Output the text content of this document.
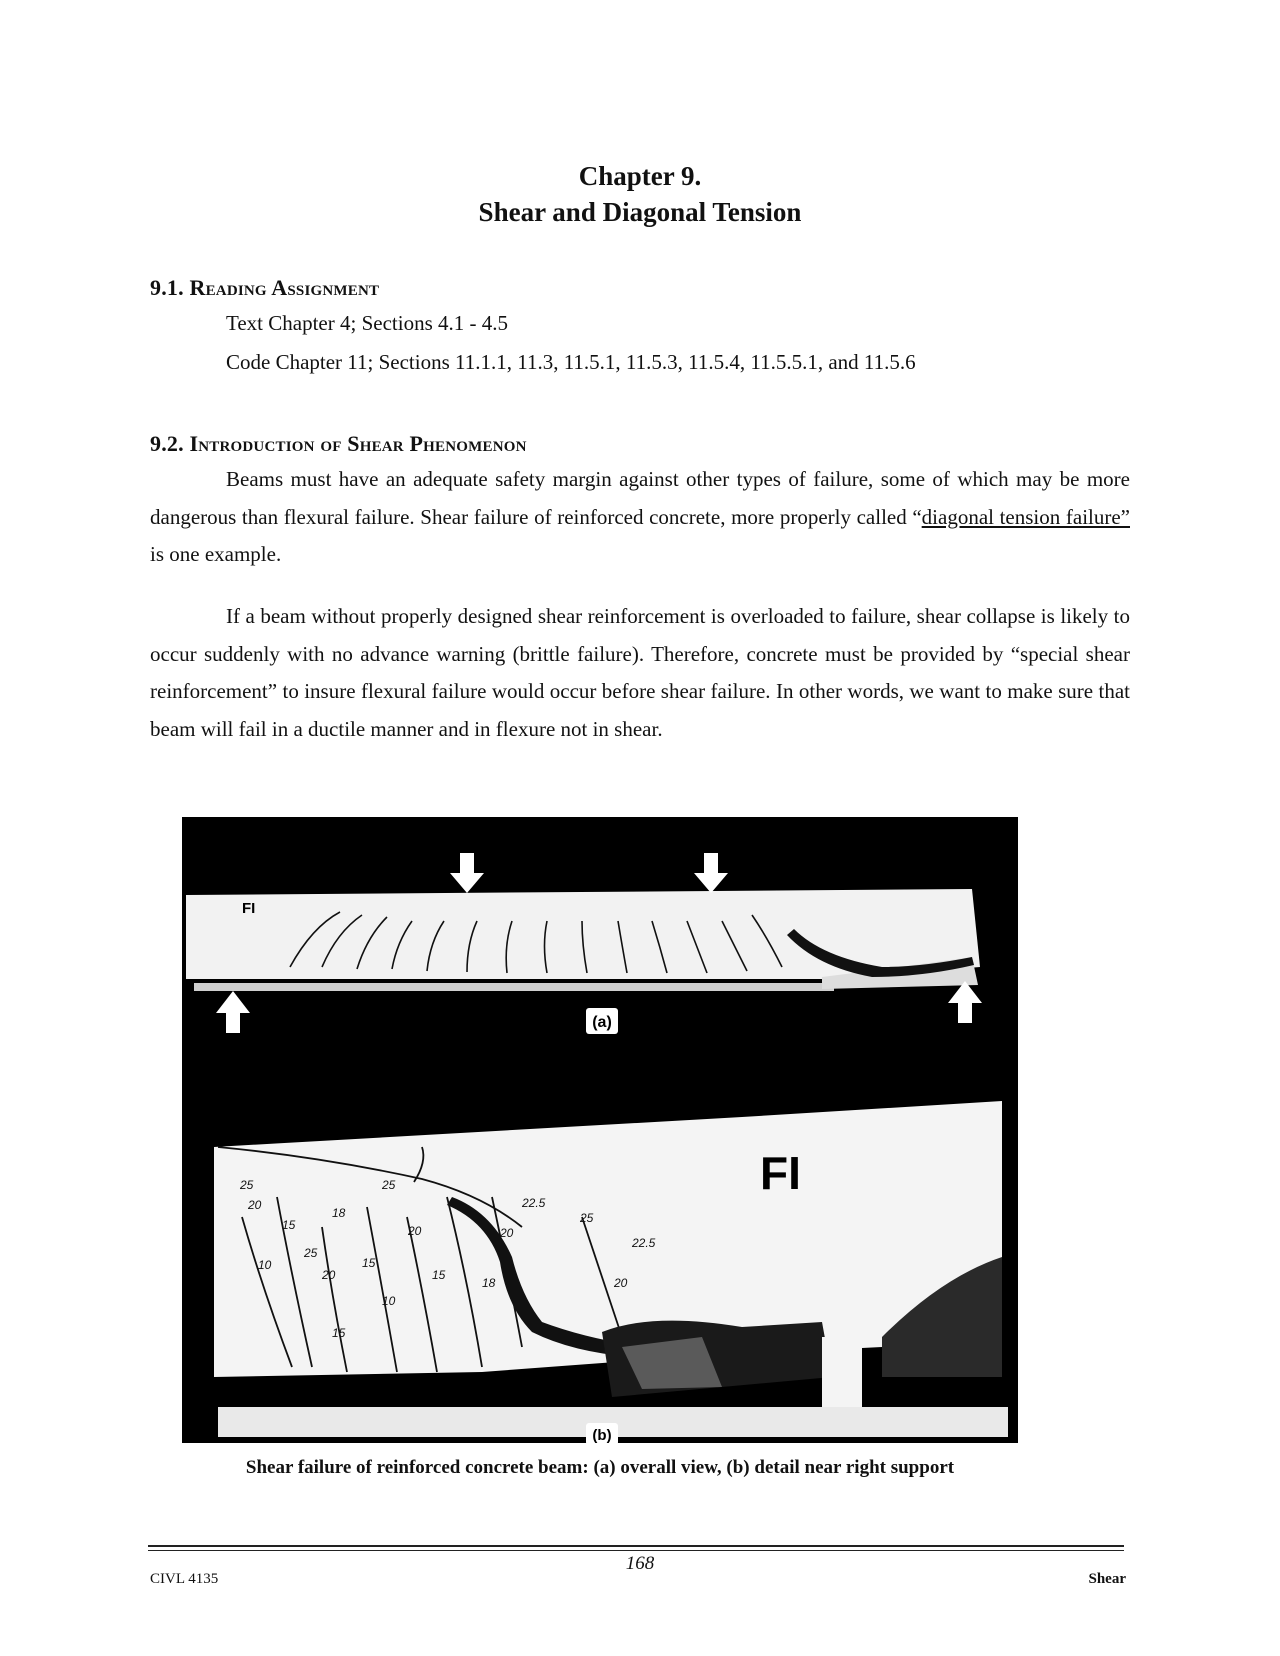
Chapter 9.
Shear and Diagonal Tension
9.1. Reading Assignment
Text Chapter 4; Sections 4.1 - 4.5
Code Chapter 11; Sections 11.1.1, 11.3, 11.5.1, 11.5.3, 11.5.4, 11.5.5.1, and 11.5.6
9.2. Introduction of Shear Phenomenon

Beams must have an adequate safety margin against other types of failure, some of which may be more dangerous than flexural failure. Shear failure of reinforced concrete, more properly called “diagonal tension failure” is one example.

If a beam without properly designed shear reinforcement is overloaded to failure, shear collapse is likely to occur suddenly with no advance warning (brittle failure). Therefore, concrete must be provided by “special shear reinforcement” to insure flexural failure would occur before shear failure. In other words, we want to make sure that beam will fail in a ductile manner and in flexure not in shear.

FI
(a)
25
20
15
10
25
20
18
15
25
10
15
20
15
18
20
22.5
25
22.5
20
FI
(b)
Shear failure of reinforced concrete beam: (a) overall view, (b) detail near right support
CIVL 4135
168
Shear
